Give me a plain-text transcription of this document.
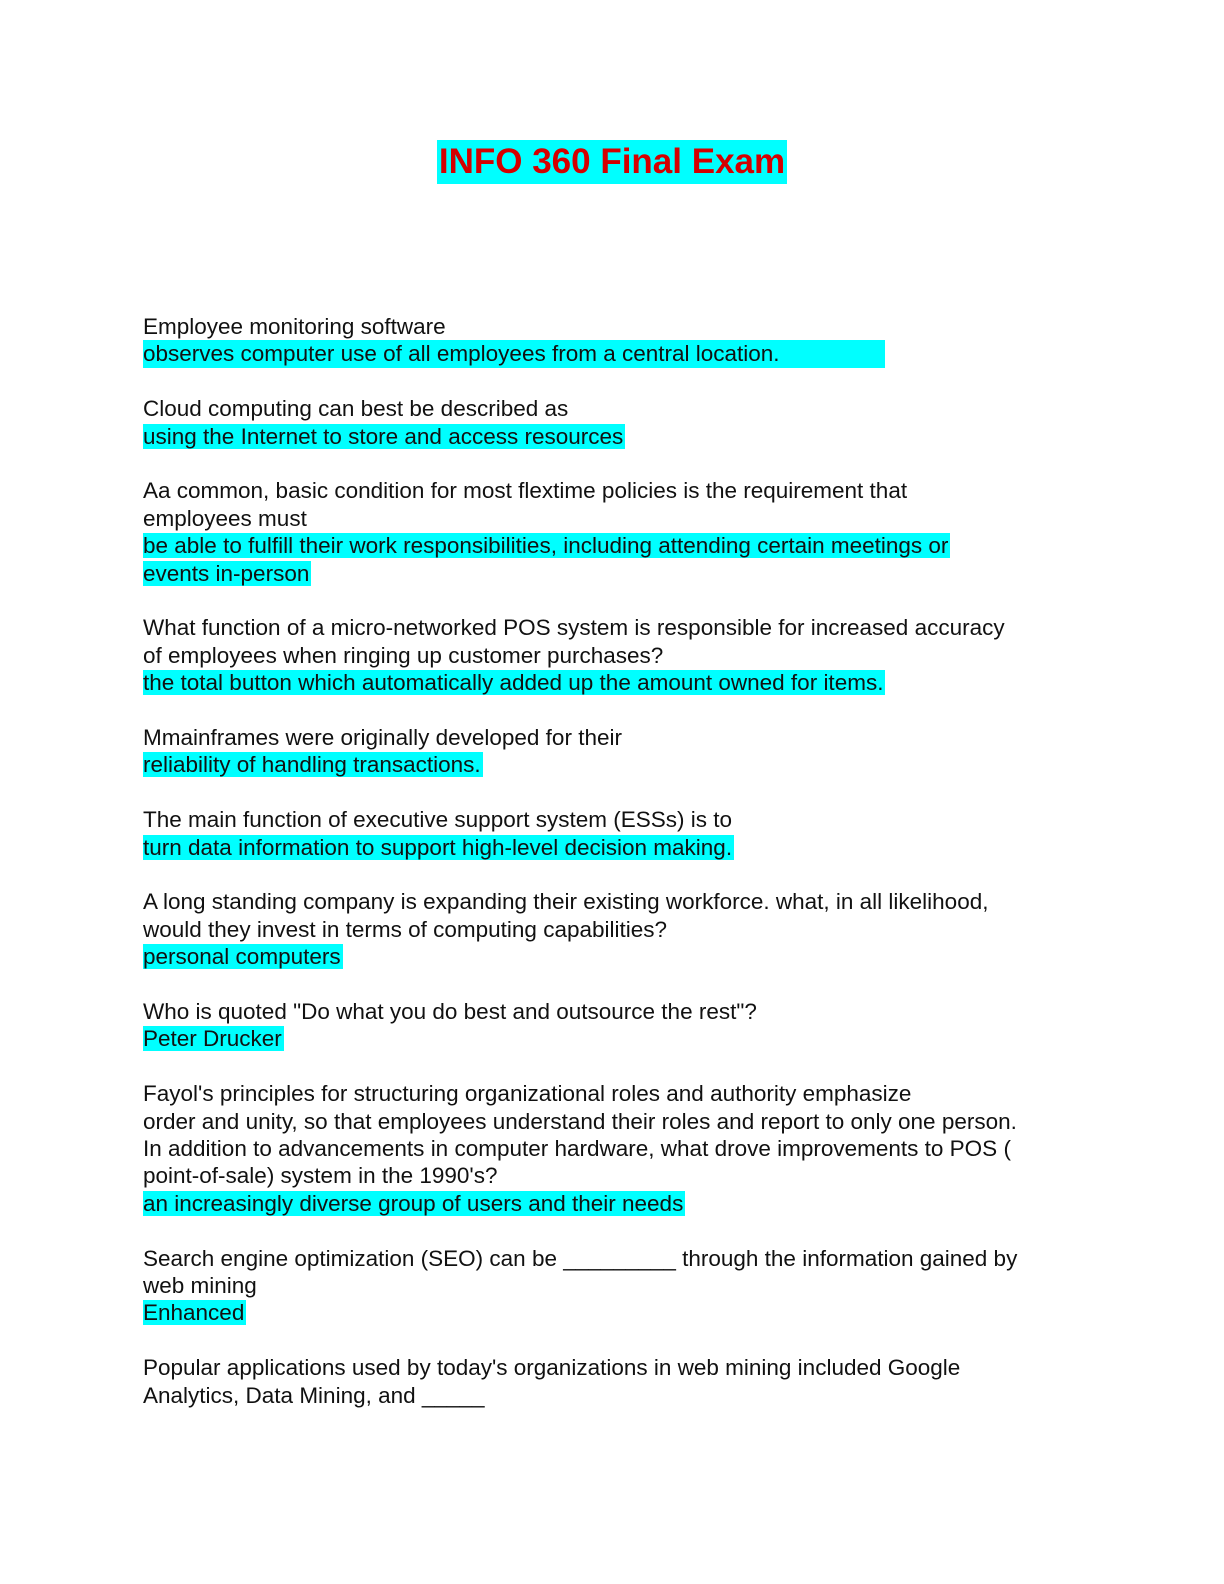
INFO 360 Final Exam
Employee monitoring software
observes computer use of all employees from a central location.
Cloud computing can best be described as
using the Internet to store and access resources
Aa common, basic condition for most flextime policies is the requirement that
employees must
be able to fulfill their work responsibilities, including attending certain meetings or
events in-person
What function of a micro-networked POS system is responsible for increased accuracy
of employees when ringing up customer purchases?
the total button which automatically added up the amount owned for items.
Mmainframes were originally developed for their
reliability of handling transactions.
The main function of executive support system (ESSs) is to
turn data information to support high-level decision making.
A long standing company is expanding their existing workforce. what, in all likelihood,
would they invest in terms of computing capabilities?
personal computers
Who is quoted "Do what you do best and outsource the rest"?
Peter Drucker
Fayol's principles for structuring organizational roles and authority emphasize
order and unity, so that employees understand their roles and report to only one person.
In addition to advancements in computer hardware, what drove improvements to POS (
point-of-sale) system in the 1990's?
an increasingly diverse group of users and their needs
Search engine optimization (SEO) can be _________ through the information gained by
web mining
Enhanced
Popular applications used by today's organizations in web mining included Google
Analytics, Data Mining, and _____
